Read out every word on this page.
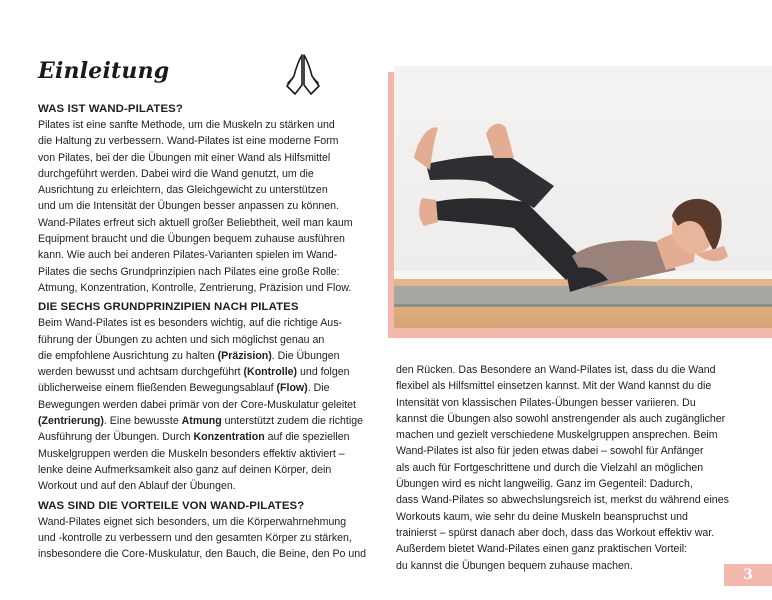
Einleitung
WAS IST WAND-PILATES?

Pilates ist eine sanfte Methode, um die Muskeln zu stärken und
die Haltung zu verbessern. Wand-Pilates ist eine moderne Form
von Pilates, bei der die Übungen mit einer Wand als Hilfsmittel
durchgeführt werden. Dabei wird die Wand genutzt, um die
Ausrichtung zu erleichtern, das Gleichgewicht zu unterstützen
und um die Intensität der Übungen besser anpassen zu können.
Wand-Pilates erfreut sich aktuell großer Beliebtheit, weil man kaum
Equipment braucht und die Übungen bequem zuhause ausführen
kann. Wie auch bei anderen Pilates-Varianten spielen im Wand-
Pilates die sechs Grundprinzipien nach Pilates eine große Rolle:
Atmung, Konzentration, Kontrolle, Zentrierung, Präzision und Flow.

DIE SECHS GRUNDPRINZIPIEN NACH PILATES

Beim Wand-Pilates ist es besonders wichtig, auf die richtige Aus-
führung der Übungen zu achten und sich möglichst genau an
die empfohlene Ausrichtung zu halten (Präzision). Die Übungen
werden bewusst und achtsam durchgeführt (Kontrolle) und folgen
üblicherweise einem fließenden Bewegungsablauf (Flow). Die
Bewegungen werden dabei primär von der Core-Muskulatur geleitet
(Zentrierung). Eine bewusste Atmung unterstützt zudem die richtige
Ausführung der Übungen. Durch Konzentration auf die speziellen
Muskelgruppen werden die Muskeln besonders effektiv aktiviert –
lenke deine Aufmerksamkeit also ganz auf deinen Körper, dein
Workout und auf den Ablauf der Übungen.

WAS SIND DIE VORTEILE VON WAND-PILATES?

Wand-Pilates eignet sich besonders, um die Körperwahrnehmung
und -kontrolle zu verbessern und den gesamten Körper zu stärken,
insbesondere die Core-Muskulatur, den Bauch, die Beine, den Po und

den Rücken. Das Besondere an Wand-Pilates ist, dass du die Wand
flexibel als Hilfsmittel einsetzen kannst. Mit der Wand kannst du die
Intensität von klassischen Pilates-Übungen besser variieren. Du
kannst die Übungen also sowohl anstrengender als auch zugänglicher
machen und gezielt verschiedene Muskelgruppen ansprechen. Beim
Wand-Pilates ist also für jeden etwas dabei – sowohl für Anfänger
als auch für Fortgeschrittene und durch die Vielzahl an möglichen
Übungen wird es nicht langweilig. Ganz im Gegenteil: Dadurch,
dass Wand-Pilates so abwechslungsreich ist, merkst du während eines
Workouts kaum, wie sehr du deine Muskeln beanspruchst und
trainierst – spürst danach aber doch, dass das Workout effektiv war.
Außerdem bietet Wand-Pilates einen ganz praktischen Vorteil:
du kannst die Übungen bequem zuhause machen.

3
